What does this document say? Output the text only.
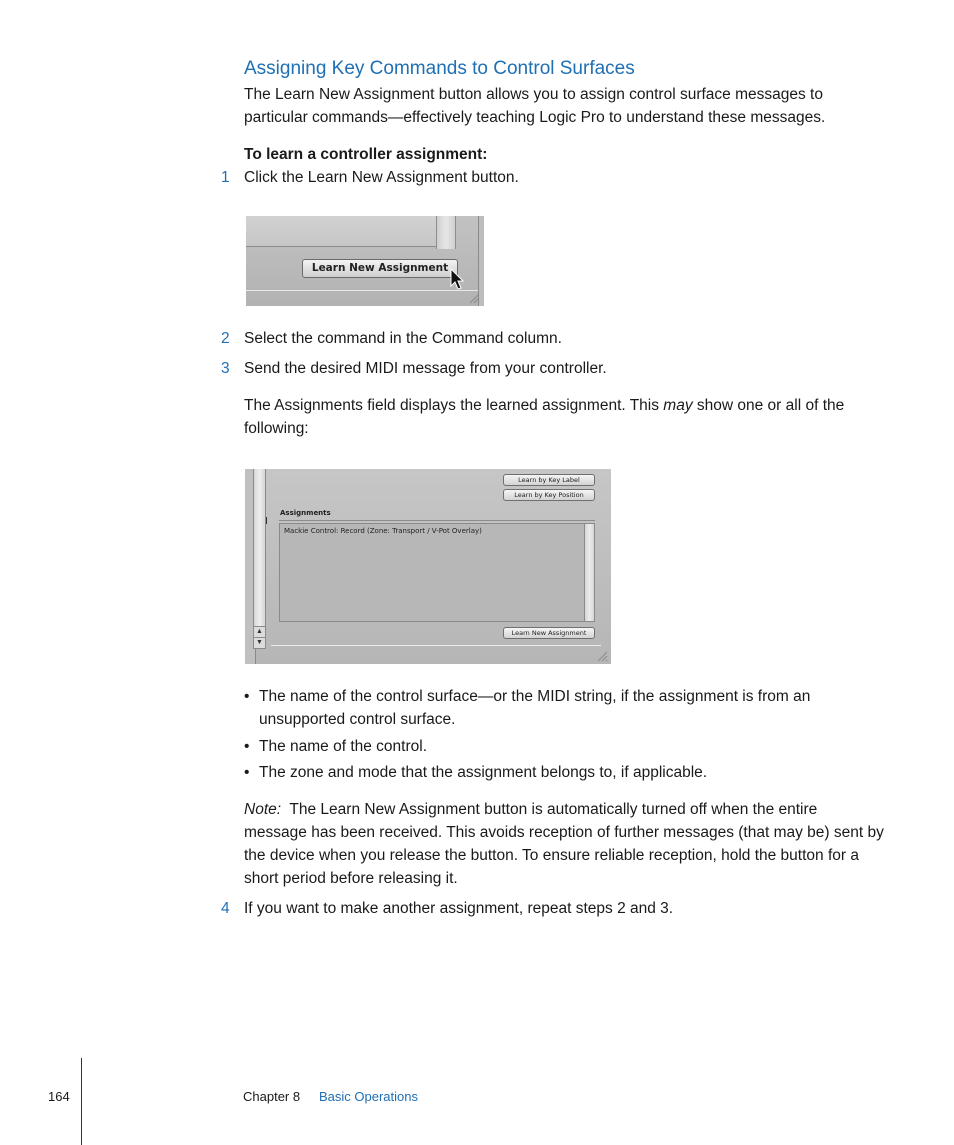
Assigning Key Commands to Control Surfaces
The Learn New Assignment button allows you to assign control surface messages to particular commands—effectively teaching Logic Pro to understand these messages.
To learn a controller assignment:
1 Click the Learn New Assignment button.
Learn New Assignment
2 Select the command in the Command column.
3 Send the desired MIDI message from your controller.
The Assignments field displays the learned assignment. This may show one or all of the following:
▲
▼
Learn by Key Label
Learn by Key Position
Assignments
Mackie Control: Record (Zone: Transport / V-Pot Overlay)
Learn New Assignment
• The name of the control surface—or the MIDI string, if the assignment is from an unsupported control surface.
• The name of the control.
• The zone and mode that the assignment belongs to, if applicable.
Note: The Learn New Assignment button is automatically turned off when the entire message has been received. This avoids reception of further messages (that may be) sent by the device when you release the button. To ensure reliable reception, hold the button for a short period before releasing it.
4 If you want to make another assignment, repeat steps 2 and 3.
164	Chapter 8 Basic Operations
